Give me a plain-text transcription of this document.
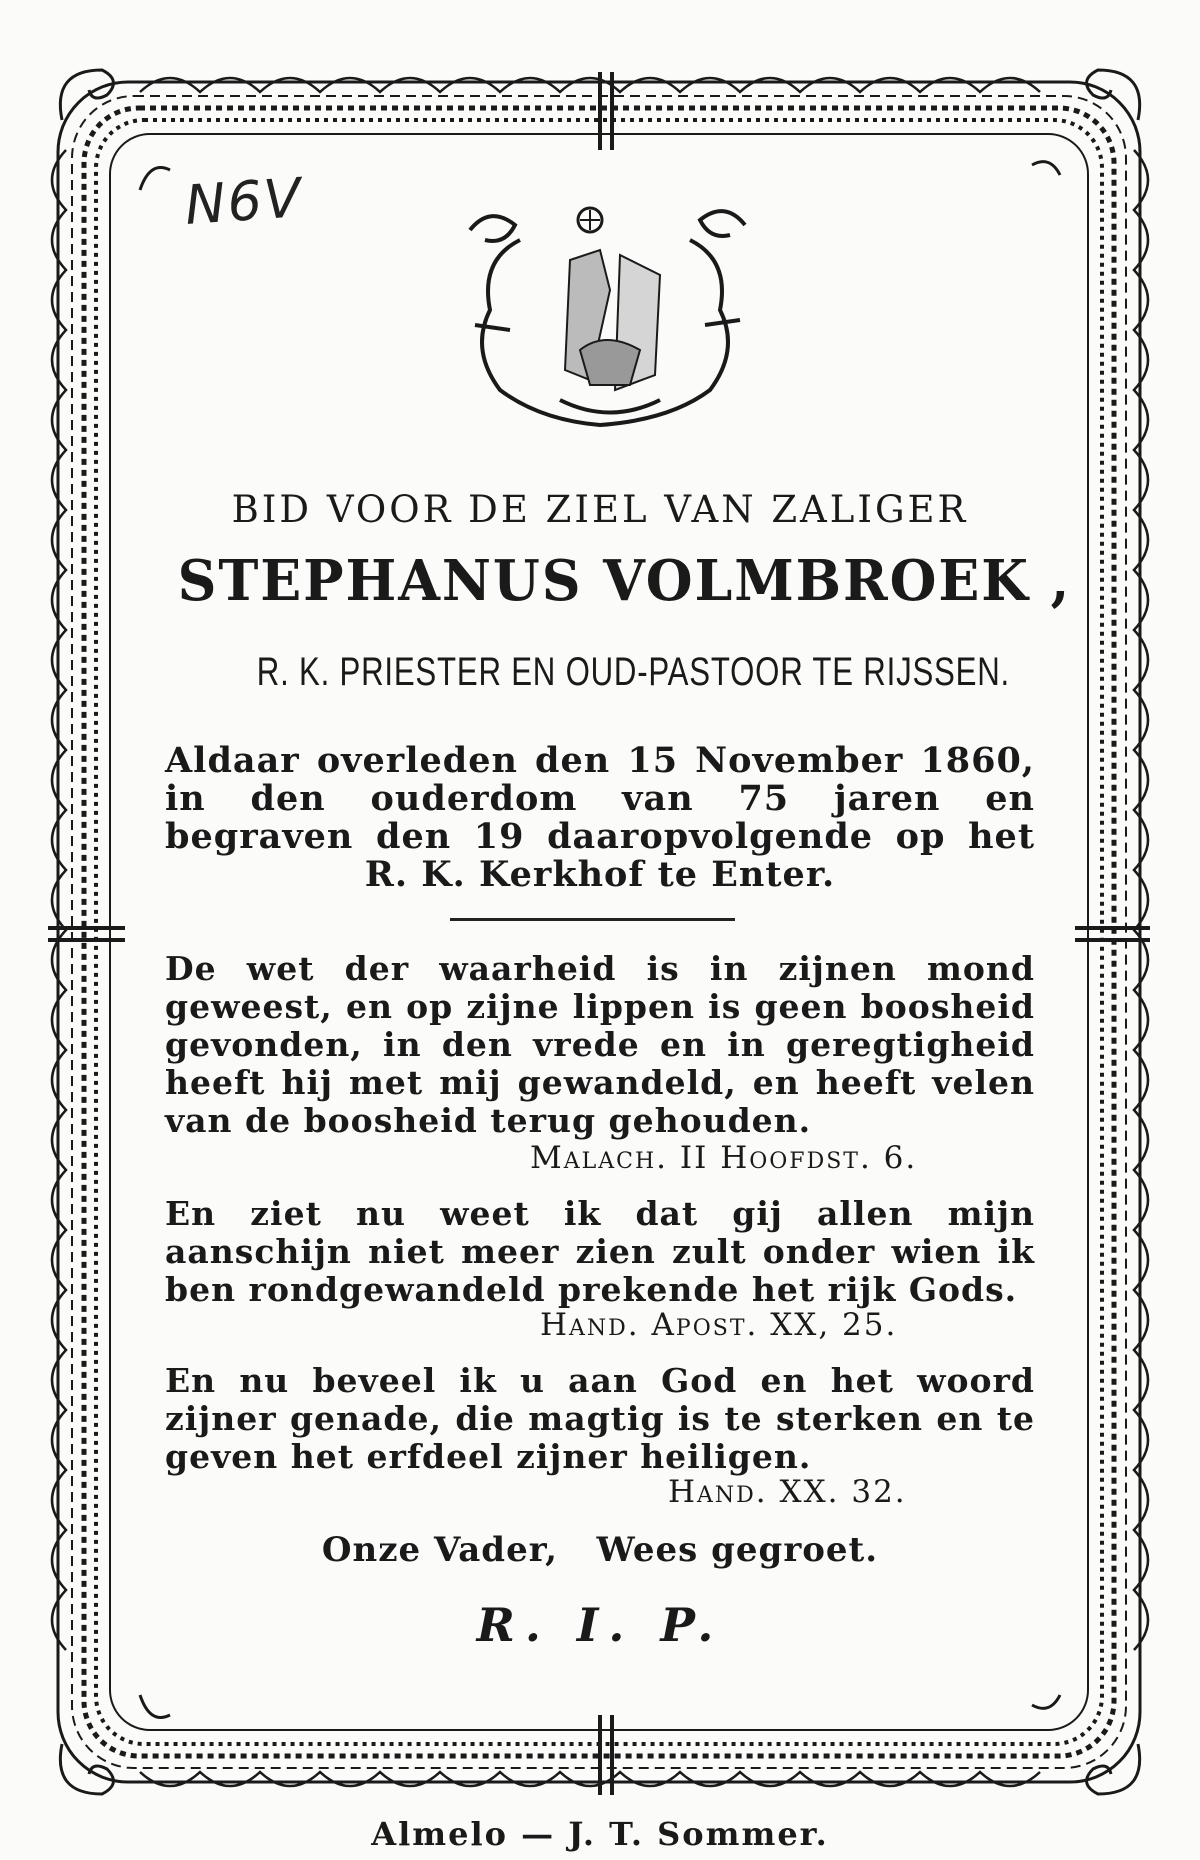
N6V
BID VOOR DE ZIEL VAN ZALIGER
STEPHANUS VOLMBROEK ,
R. K. PRIESTER EN OUD-PASTOOR TE RIJSSEN.
Aldaar overleden den 15 November 1860, in den ouderdom van 75 jaren en begraven den 19 daaropvolgende op het R. K. Kerkhof te Enter.
De wet der waarheid is in zijnen mond geweest, en op zijne lippen is geen boosheid gevonden, in den vrede en in geregtigheid heeft hij met mij gewandeld, en heeft velen van de boosheid terug gehouden.
Malach. II Hoofdst. 6.
En ziet nu weet ik dat gij allen mijn aanschijn niet meer zien zult onder wien ik ben rondgewandeld prekende het rijk Gods.
Hand. Apost. XX, 25.
En nu beveel ik u aan God en het woord zijner genade, die magtig is te sterken en te geven het erfdeel zijner heiligen.
Hand. XX. 32.
Onze Vader,   Wees gegroet.
R. I. P.
Almelo — J. T. Sommer.
